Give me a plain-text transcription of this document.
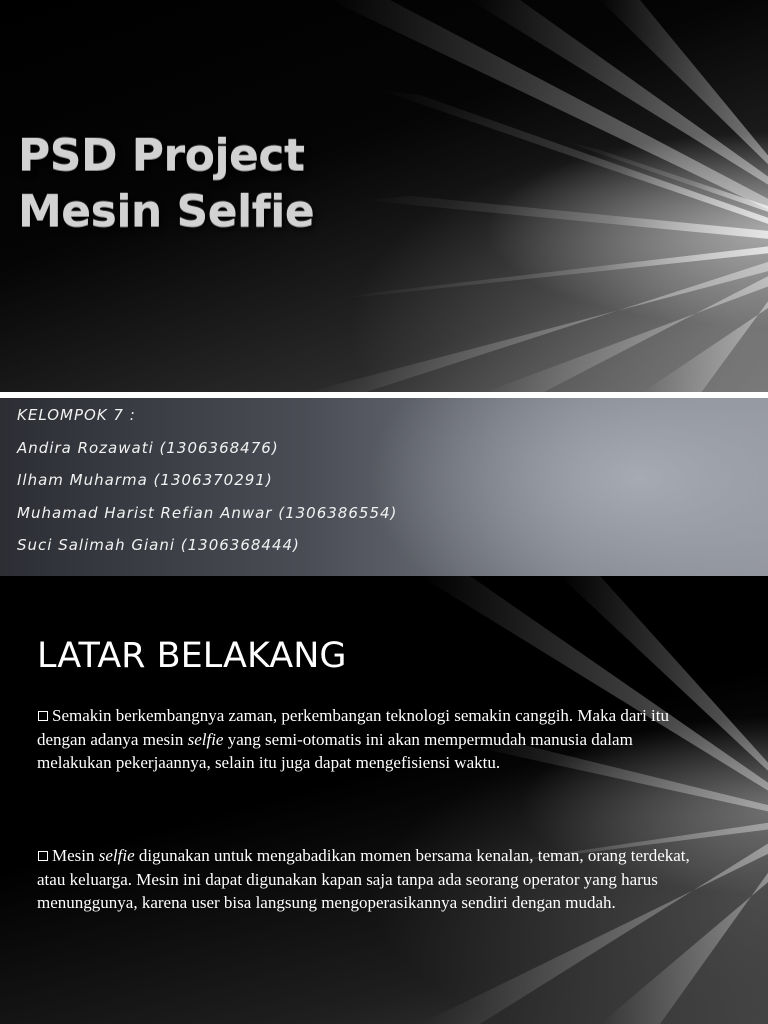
PSD Project
Mesin Selfie
KELOMPOK 7 :
Andira Rozawati (1306368476)
Ilham Muharma (1306370291)
Muhamad Harist Refian Anwar (1306386554)
Suci Salimah Giani (1306368444)
LATAR BELAKANG

Semakin berkembangnya zaman, perkembangan teknologi semakin canggih. Maka dari itu dengan adanya mesin selfie yang semi-otomatis ini akan mempermudah manusia dalam melakukan pekerjaannya, selain itu juga dapat mengefisiensi waktu.

Mesin selfie digunakan untuk mengabadikan momen bersama kenalan, teman, orang terdekat, atau keluarga. Mesin ini dapat digunakan kapan saja tanpa ada seorang operator yang harus menunggunya, karena user bisa langsung mengoperasikannya sendiri dengan mudah.
